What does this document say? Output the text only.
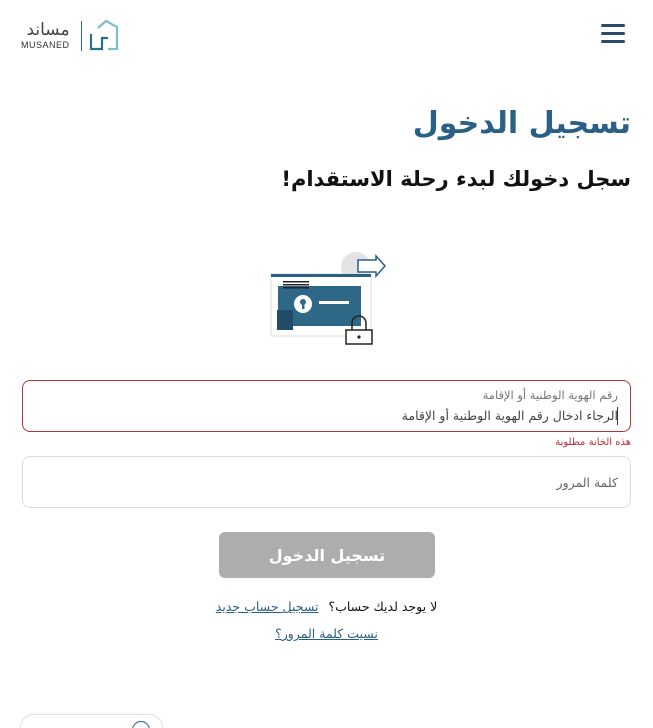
مساند
MUSANED
تسجيل الدخول
سجل دخولك لبدء رحلة الاستقدام!
رقم الهوية الوطنية أو الإقامة
الرجاء ادخال رقم الهوية الوطنية أو الإقامة
هذه الخانة مطلوبة
تسجيل الدخول
لا يوجد لديك حساب؟ تسجيل حساب جديد
نسيت كلمة المرور؟
